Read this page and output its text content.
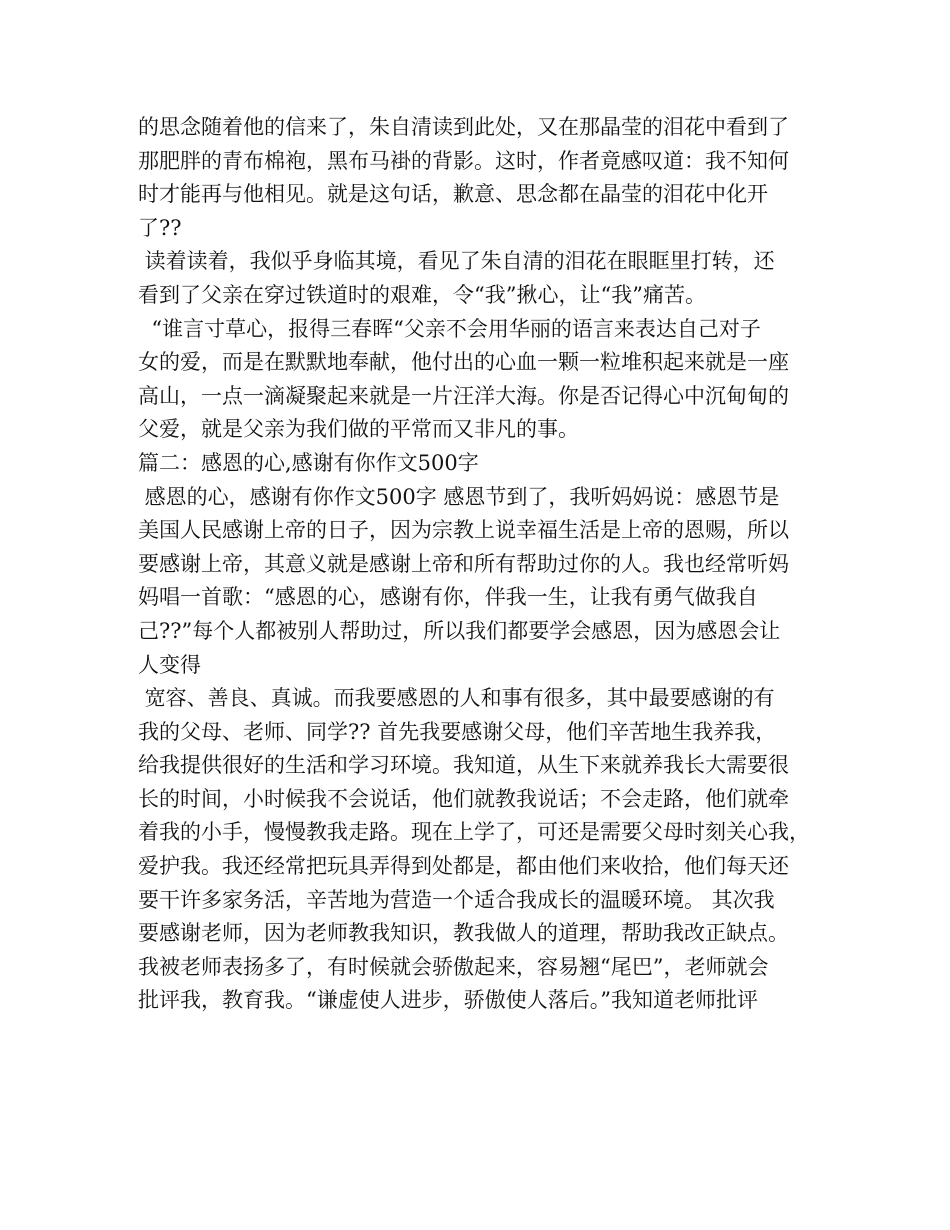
的思念随着他的信来了，朱自清读到此处，又在那晶莹的泪花中看到了
那肥胖的青布棉袍，黑布马褂的背影。这时，作者竟感叹道：我不知何
时才能再与他相见。就是这句话，歉意、思念都在晶莹的泪花中化开
了??
读着读着，我似乎身临其境，看见了朱自清的泪花在眼眶里打转，还
看到了父亲在穿过铁道时的艰难，令“我”揪心，让“我”痛苦。
“谁言寸草心，报得三春晖“父亲不会用华丽的语言来表达自己对子
女的爱，而是在默默地奉献，他付出的心血一颗一粒堆积起来就是一座
高山，一点一滴凝聚起来就是一片汪洋大海。你是否记得心中沉甸甸的
父爱，就是父亲为我们做的平常而又非凡的事。
篇二：感恩的心,感谢有你作文500字
感恩的心，感谢有你作文500字 感恩节到了，我听妈妈说：感恩节是
美国人民感谢上帝的日子，因为宗教上说幸福生活是上帝的恩赐，所以
要感谢上帝，其意义就是感谢上帝和所有帮助过你的人。我也经常听妈
妈唱一首歌：“感恩的心，感谢有你，伴我一生，让我有勇气做我自
己??”每个人都被别人帮助过，所以我们都要学会感恩，因为感恩会让
人变得
宽容、善良、真诚。而我要感恩的人和事有很多，其中最要感谢的有
我的父母、老师、同学?? 首先我要感谢父母，他们辛苦地生我养我，
给我提供很好的生活和学习环境。我知道，从生下来就养我长大需要很
长的时间，小时候我不会说话，他们就教我说话；不会走路，他们就牵
着我的小手，慢慢教我走路。现在上学了，可还是需要父母时刻关心我，
爱护我。我还经常把玩具弄得到处都是，都由他们来收拾，他们每天还
要干许多家务活，辛苦地为营造一个适合我成长的温暖环境。 其次我
要感谢老师，因为老师教我知识，教我做人的道理，帮助我改正缺点。
我被老师表扬多了，有时候就会骄傲起来，容易翘“尾巴”，老师就会
批评我，教育我。“谦虚使人进步，骄傲使人落后。”我知道老师批评
